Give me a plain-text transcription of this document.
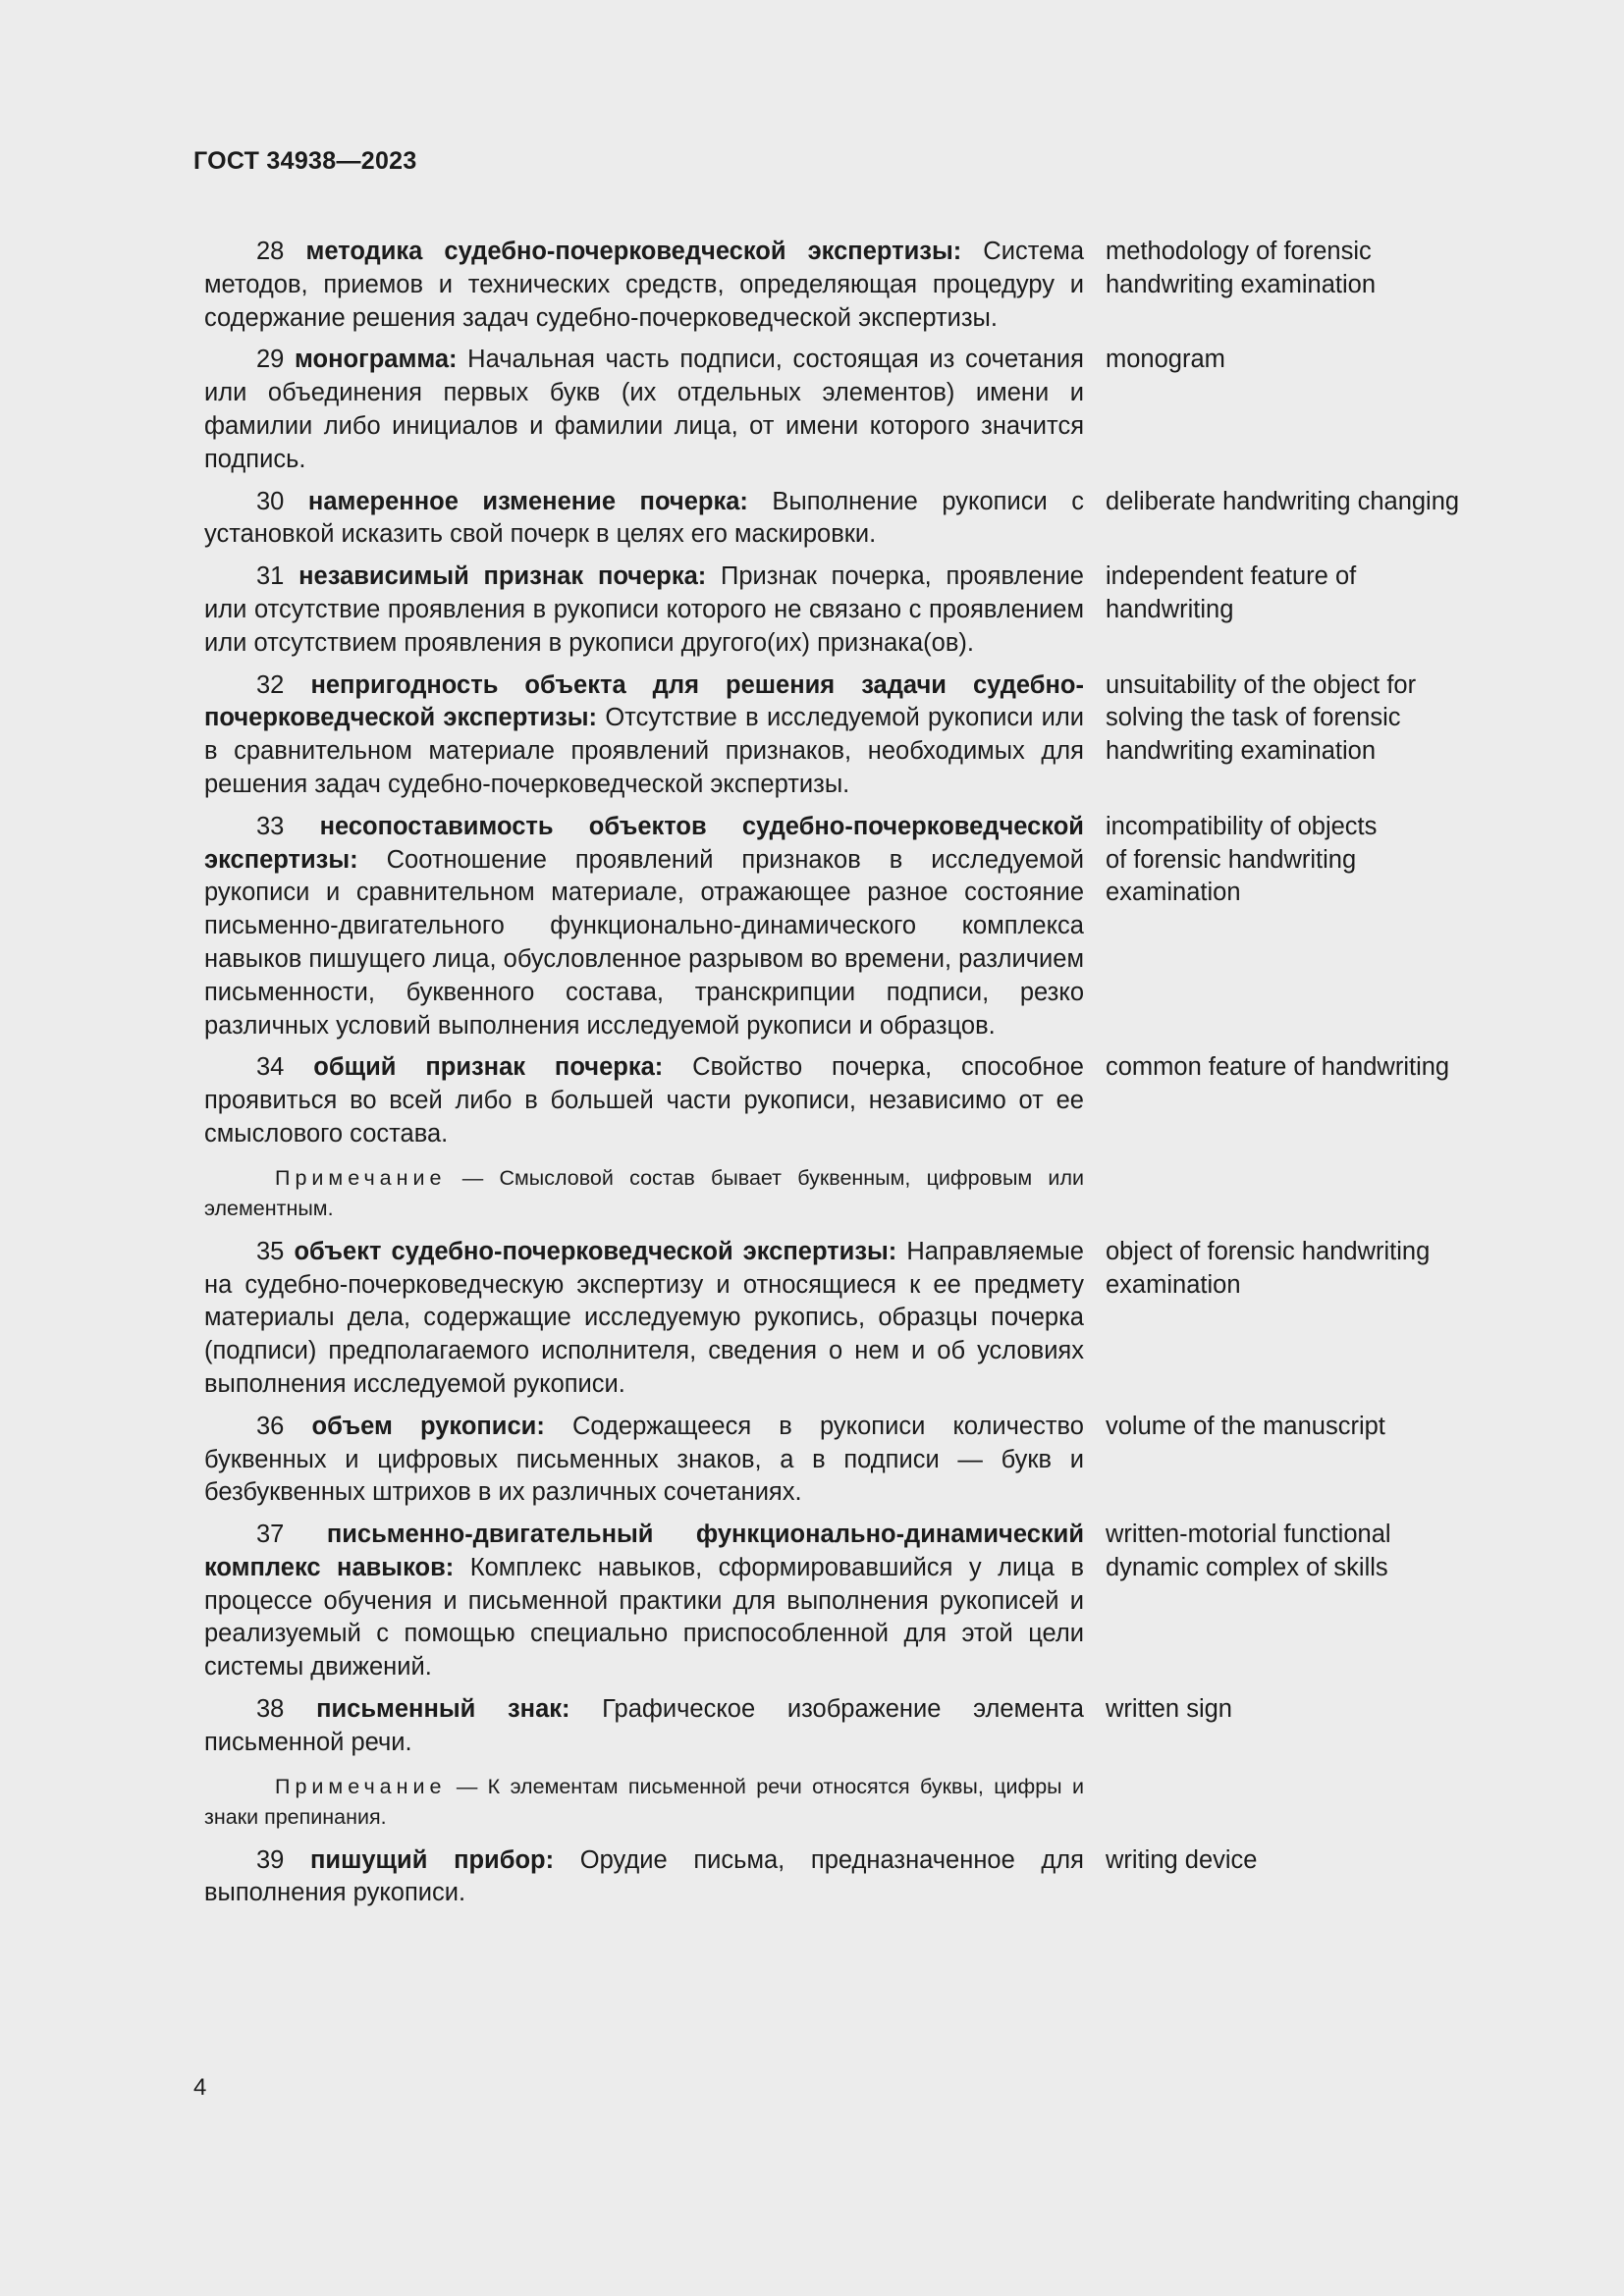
ГОСТ 34938—2023
28 методика судебно-почерковедческой экспертизы: Система методов, приемов и технических средств, определяющая процедуру и содержание решения задач судебно-почерковедческой экспертизы.
methodology of forensic
handwriting examination
29 монограмма: Начальная часть подписи, состоящая из сочетания или объединения первых букв (их отдельных элементов) имени и фамилии либо инициалов и фамилии лица, от имени которого значится подпись.
monogram
30 намеренное изменение почерка: Выполнение рукописи с установкой исказить свой почерк в целях его маскировки.
deliberate handwriting changing
31 независимый признак почерка: Признак почерка, проявление или отсутствие проявления в рукописи которого не связано с проявлением или отсутствием проявления в рукописи другого(их) признака(ов).
independent feature of
handwriting
32 непригодность объекта для решения задачи судебно-почерковедческой экспертизы: Отсутствие в исследуемой рукописи или в сравнительном материале проявлений признаков, необходимых для решения задач судебно-почерковедческой экспертизы.
unsuitability of the object for
solving the task of forensic
handwriting examination
33 несопоставимость объектов судебно-почерковедческой экспертизы: Соотношение проявлений признаков в исследуемой рукописи и сравнительном материале, отражающее разное состояние письменно-двигательного функционально-динамического комплекса навыков пишущего лица, обусловленное разрывом во времени, различием письменности, буквенного состава, транскрипции подписи, резко различных условий выполнения исследуемой рукописи и образцов.
incompatibility of objects
of forensic handwriting
examination
34 общий признак почерка: Свойство почерка, способное проявиться во всей либо в большей части рукописи, независимо от ее смыслового состава.
common feature of handwriting
Примечание — Смысловой состав бывает буквенным, цифровым или элементным.
35 объект судебно-почерковедческой экспертизы: Направляемые на судебно-почерковедческую экспертизу и относящиеся к ее предмету материалы дела, содержащие исследуемую рукопись, образцы почерка (подписи) предполагаемого исполнителя, сведения о нем и об условиях выполнения исследуемой рукописи.
object of forensic handwriting
examination
36 объем рукописи: Содержащееся в рукописи количество буквенных и цифровых письменных знаков, а в подписи — букв и безбуквенных штрихов в их различных сочетаниях.
volume of the manuscript
37 письменно-двигательный функционально-динамический комплекс навыков: Комплекс навыков, сформировавшийся у лица в процессе обучения и письменной практики для выполнения рукописей и реализуемый с помощью специально приспособленной для этой цели системы движений.
written-motorial functional
dynamic complex of skills
38 письменный знак: Графическое изображение элемента письменной речи.
written sign
Примечание — К элементам письменной речи относятся буквы, цифры и знаки препинания.
39 пишущий прибор: Орудие письма, предназначенное для выполнения рукописи.
writing device
4
